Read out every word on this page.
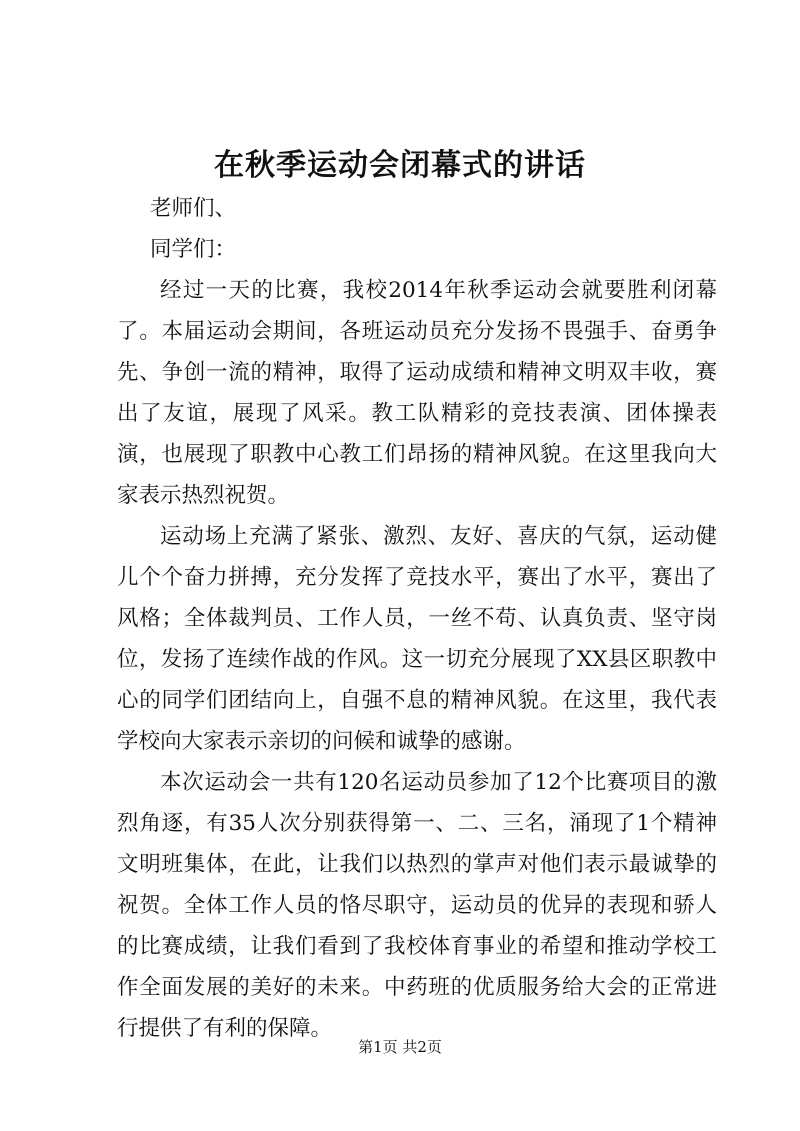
在秋季运动会闭幕式的讲话

老师们、

同学们：

经过一天的比赛，我校2014年秋季运动会就要胜利闭幕了。本届运动会期间，各班运动员充分发扬不畏强手、奋勇争先、争创一流的精神，取得了运动成绩和精神文明双丰收，赛出了友谊，展现了风采。教工队精彩的竞技表演、团体操表演，也展现了职教中心教工们昂扬的精神风貌。在这里我向大家表示热烈祝贺。

运动场上充满了紧张、激烈、友好、喜庆的气氛，运动健儿个个奋力拼搏，充分发挥了竞技水平，赛出了水平，赛出了风格；全体裁判员、工作人员，一丝不苟、认真负责、坚守岗位，发扬了连续作战的作风。这一切充分展现了XX县区职教中心的同学们团结向上，自强不息的精神风貌。在这里，我代表学校向大家表示亲切的问候和诚挚的感谢。

本次运动会一共有120名运动员参加了12个比赛项目的激烈角逐，有35人次分别获得第一、二、三名，涌现了1个精神文明班集体，在此，让我们以热烈的掌声对他们表示最诚挚的祝贺。全体工作人员的恪尽职守，运动员的优异的表现和骄人的比赛成绩，让我们看到了我校体育事业的希望和推动学校工作全面发展的美好的未来。中药班的优质服务给大会的正常进行提供了有利的保障。

第1页 共2页
